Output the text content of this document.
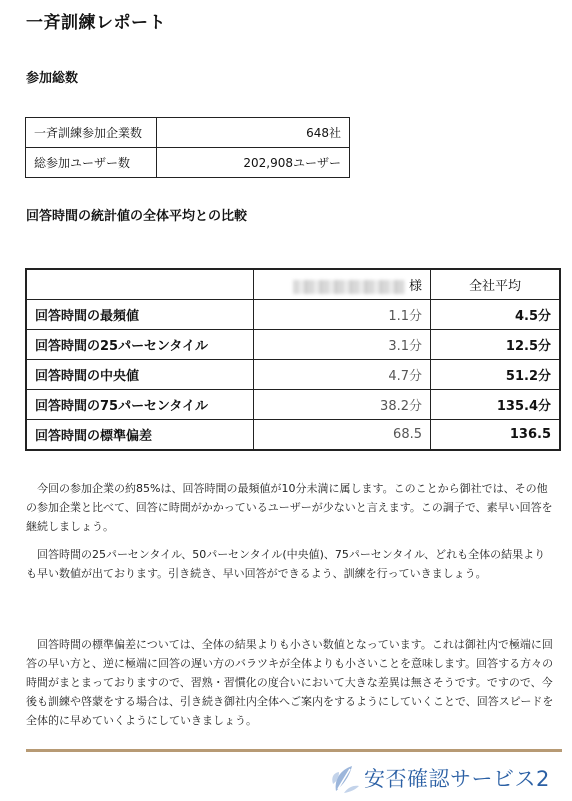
一斉訓練レポート
参加総数
一斉訓練参加企業数	648社
総参加ユーザー数	202,908ユーザー
回答時間の統計値の全体平均との比較
	様	全社平均
回答時間の最頻値	1.1分	4.5分
回答時間の25パーセンタイル	3.1分	12.5分
回答時間の中央値	4.7分	51.2分
回答時間の75パーセンタイル	38.2分	135.4分
回答時間の標準偏差	68.5	136.5

今回の参加企業の約85%は、回答時間の最頻値が10分未満に属します。このことから御社では、その他の参加企業と比べて、回答に時間がかかっているユーザーが少ないと言えます。この調子で、素早い回答を継続しましょう。

回答時間の25パーセンタイル、50パーセンタイル(中央値)、75パーセンタイル、どれも全体の結果よりも早い数値が出ております。引き続き、早い回答ができるよう、訓練を行っていきましょう。

回答時間の標準偏差については、全体の結果よりも小さい数値となっています。これは御社内で極端に回答の早い方と、逆に極端に回答の遅い方のバラツキが全体よりも小さいことを意味します。回答する方々の時間がまとまっておりますので、習熟・習慣化の度合いにおいて大きな差異は無さそうです。ですので、今後も訓練や啓蒙をする場合は、引き続き御社内全体へご案内をするようにしていくことで、回答スピードを全体的に早めていくようにしていきましょう。

安否確認サービス2
